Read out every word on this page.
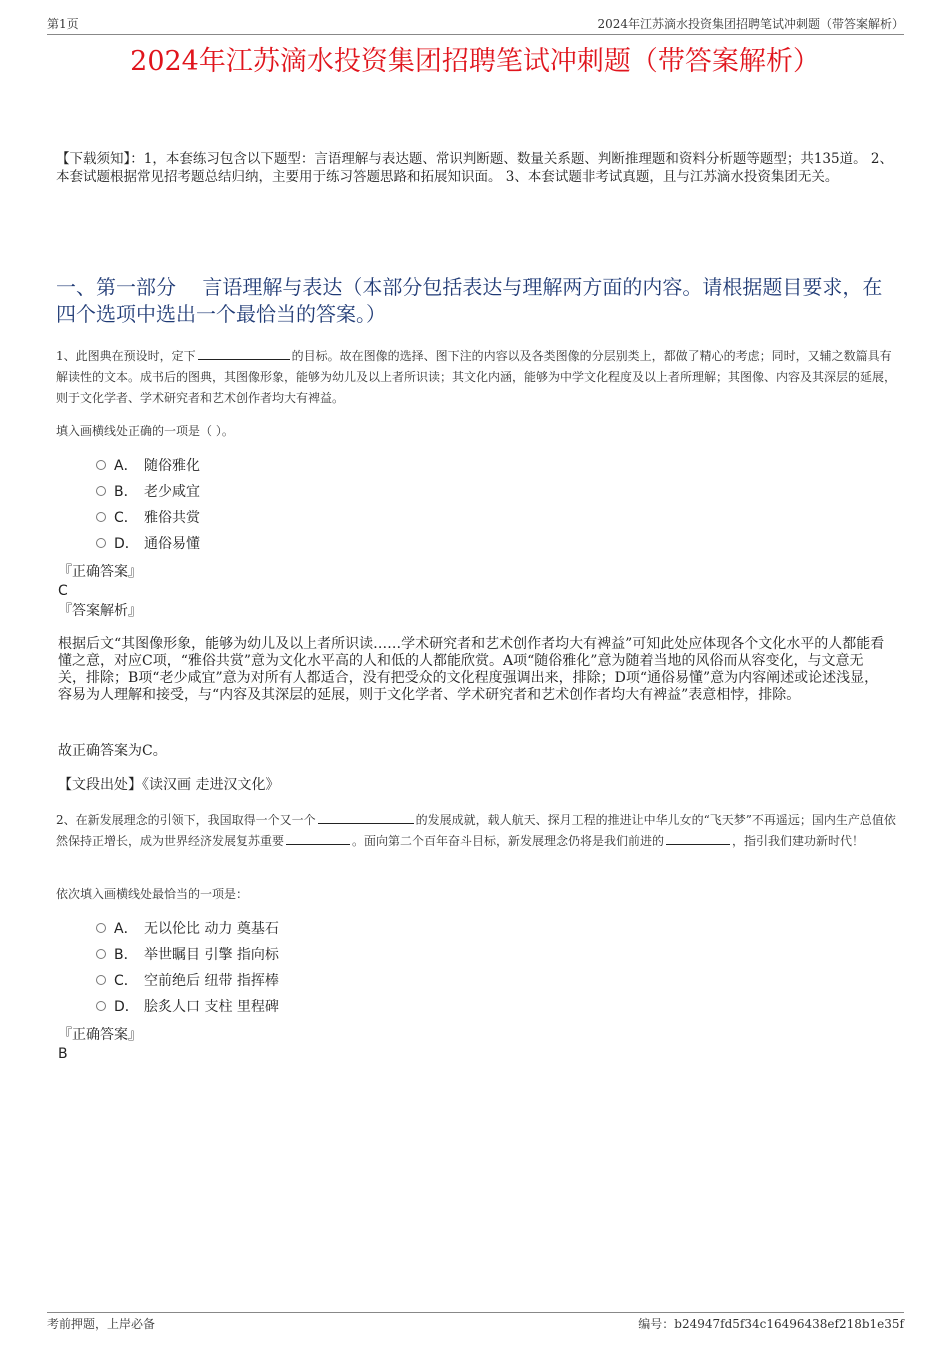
第1页	2024年江苏滴水投资集团招聘笔试冲刺题（带答案解析）
2024年江苏滴水投资集团招聘笔试冲刺题（带答案解析）
【下载须知】：1，本套练习包含以下题型：言语理解与表达题、常识判断题、数量关系题、判断推理题和资料分析题等题型；共135道。 2、本套试题根据常见招考题总结归纳，主要用于练习答题思路和拓展知识面。 3、本套试题非考试真题，且与江苏滴水投资集团无关。
一、第一部分　 言语理解与表达（本部分包括表达与理解两方面的内容。请根据题目要求，在四个选项中选出一个最恰当的答案。）
1、此图典在预设时，定下	的目标。故在图像的选择、图下注的内容以及各类图像的分层别类上，都做了精心的考虑；同时，又辅之数篇具有解读性的文本。成书后的图典，其图像形象，能够为幼儿及以上者所识读；其文化内涵，能够为中学文化程度及以上者所理解；其图像、内容及其深层的延展，则于文化学者、学术研究者和艺术创作者均大有裨益。
填入画横线处正确的一项是（ ）。
A． 随俗雅化
B． 老少咸宜
C． 雅俗共赏
D． 通俗易懂
『正确答案』
C
『答案解析』
根据后文“其图像形象，能够为幼儿及以上者所识读……学术研究者和艺术创作者均大有裨益”可知此处应体现各个文化水平的人都能看懂之意，对应C项，“雅俗共赏”意为文化水平高的人和低的人都能欣赏。A项“随俗雅化”意为随着当地的风俗而从容变化，与文意无关，排除；B项“老少咸宜”意为对所有人都适合，没有把受众的文化程度强调出来，排除；D项“通俗易懂”意为内容阐述或论述浅显，容易为人理解和接受，与“内容及其深层的延展，则于文化学者、学术研究者和艺术创作者均大有裨益”表意相悖，排除。
故正确答案为C。
【文段出处】《读汉画 走进汉文化》
2、在新发展理念的引领下，我国取得一个又一个	的发展成就，载人航天、探月工程的推进让中华儿女的“飞天梦”不再遥远；国内生产总值依然保持正增长，成为世界经济发展复苏重要	。面向第二个百年奋斗目标，新发展理念仍将是我们前进的	，指引我们建功新时代！
依次填入画横线处最恰当的一项是：
A． 无以伦比 动力 奠基石
B． 举世瞩目 引擎 指向标
C． 空前绝后 纽带 指挥棒
D． 脍炙人口 支柱 里程碑
『正确答案』
B
考前押题，上岸必备	编号：b24947fd5f34c16496438ef218b1e35f
